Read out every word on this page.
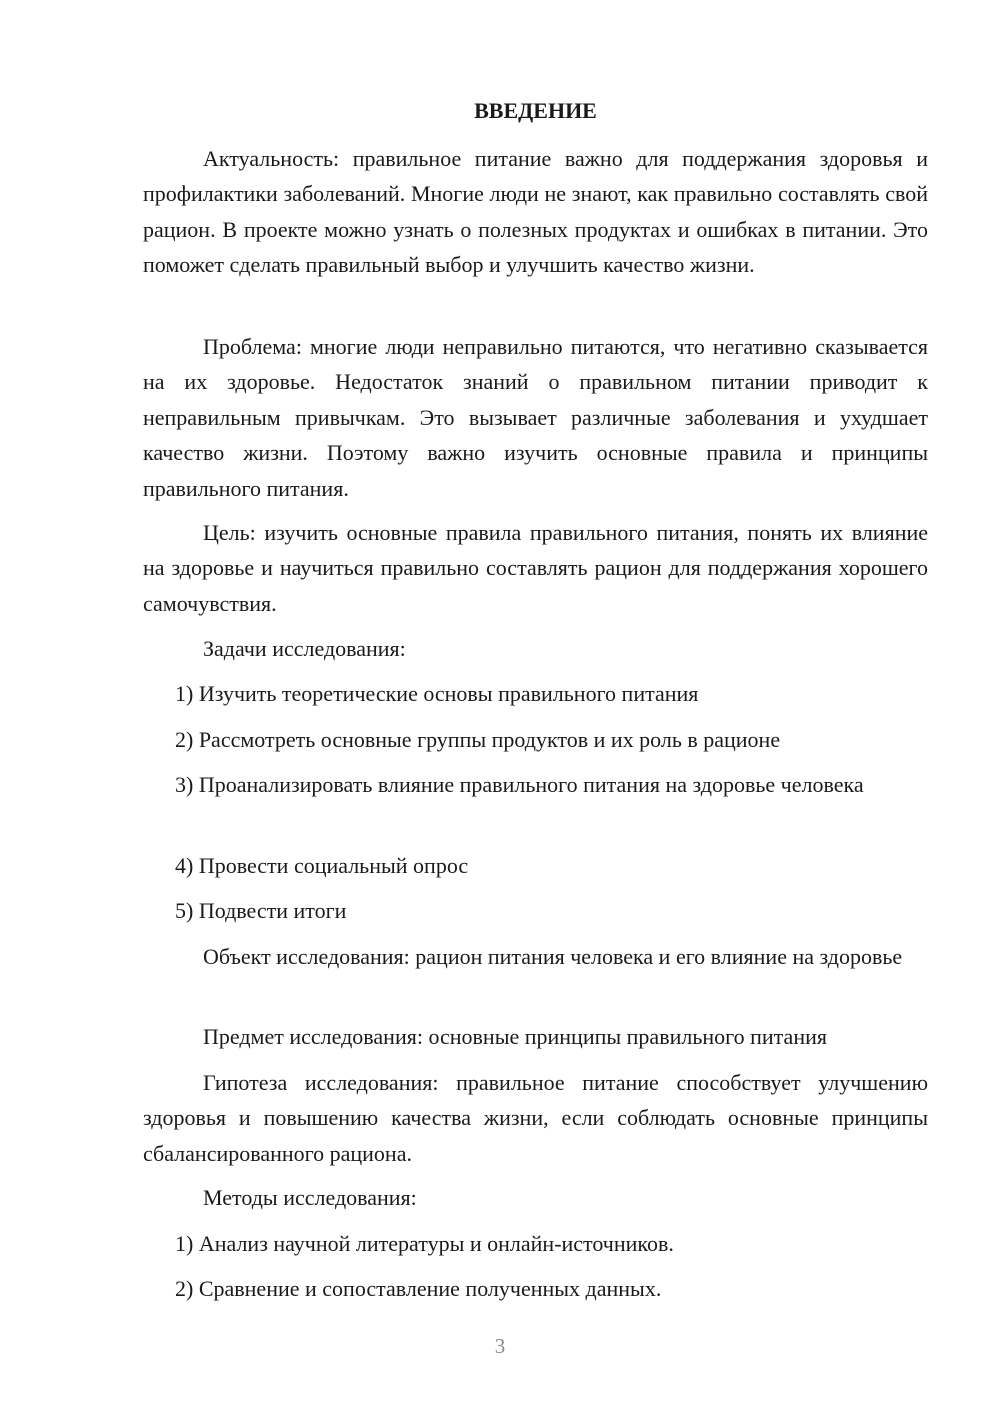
ВВЕДЕНИЕ

Актуальность: правильное питание важно для поддержания здоровья и профилактики заболеваний. Многие люди не знают, как правильно составлять свой рацион. В проекте можно узнать о полезных продуктах и ошибках в питании. Это поможет сделать правильный выбор и улучшить качество жизни.

Проблема: многие люди неправильно питаются, что негативно сказывается на их здоровье. Недостаток знаний о правильном питании приводит к неправильным привычкам. Это вызывает различные заболевания и ухудшает качество жизни. Поэтому важно изучить основные правила и принципы правильного питания.

Цель: изучить основные правила правильного питания, понять их влияние на здоровье и научиться правильно составлять рацион для поддержания хорошего самочувствия.

Задачи исследования:

1) Изучить теоретические основы правильного питания

2) Рассмотреть основные группы продуктов и их роль в рационе

3) Проанализировать влияние правильного питания на здоровье человека

4) Провести социальный опрос

5) Подвести итоги

Объект исследования: рацион питания человека и его влияние на здоровье

Предмет исследования: основные принципы правильного питания

Гипотеза исследования: правильное питание способствует улучшению здоровья и повышению качества жизни, если соблюдать основные принципы сбалансированного рациона.

Методы исследования:

1) Анализ научной литературы и онлайн-источников.

2) Сравнение и сопоставление полученных данных.

3
